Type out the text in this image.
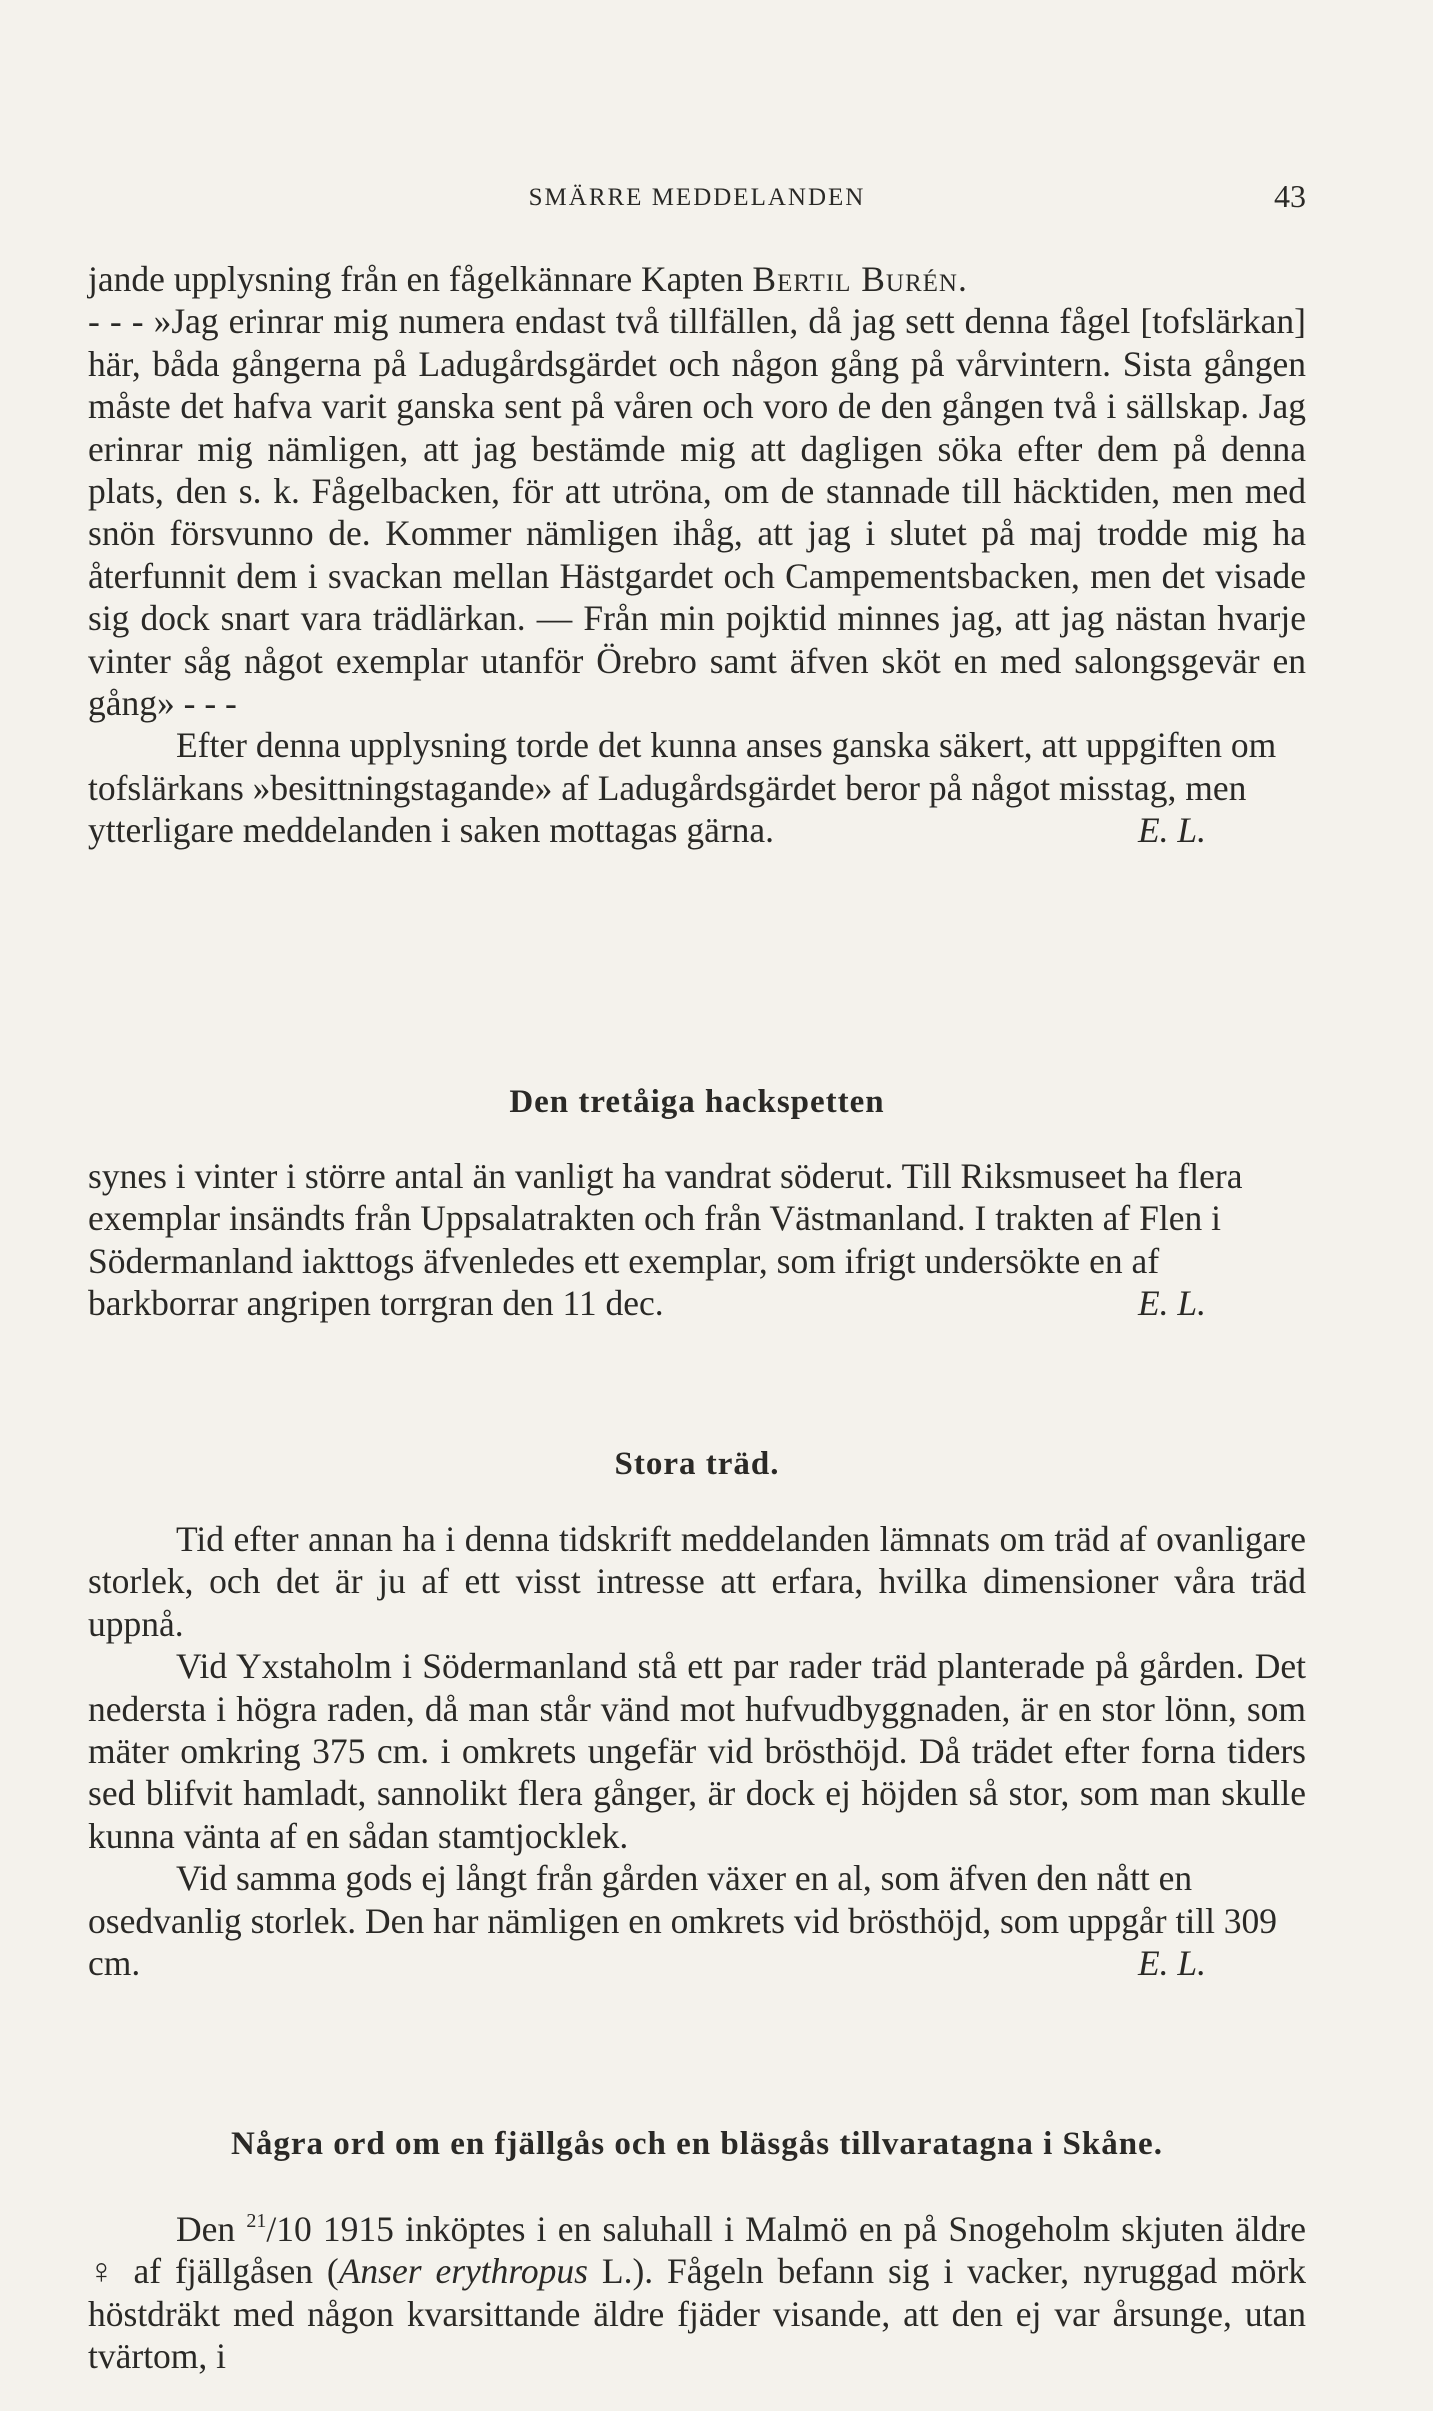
SMÄRRE MEDDELANDEN	43

jande upplysning från en fågelkännare Kapten Bertil Burén.

- - - »Jag erinrar mig numera endast två tillfällen, då jag sett denna fågel [tofslärkan] här, båda gångerna på Ladugårdsgärdet och någon gång på vårvintern. Sista gången måste det hafva varit ganska sent på våren och voro de den gången två i sällskap. Jag erinrar mig nämligen, att jag bestämde mig att dagligen söka efter dem på denna plats, den s. k. Fågelbacken, för att utröna, om de stannade till häcktiden, men med snön försvunno de. Kommer nämligen ihåg, att jag i slutet på maj trodde mig ha återfunnit dem i svackan mellan Hästgardet och Campementsbacken, men det visade sig dock snart vara trädlärkan. — Från min pojktid minnes jag, att jag nästan hvarje vinter såg något exemplar utanför Örebro samt äfven sköt en med salongsgevär en gång» - - -

Efter denna upplysning torde det kunna anses ganska säkert, att uppgiften om tofslärkans »besittningstagande» af Ladugårdsgärdet beror på något misstag, men ytterligare meddelanden i saken mottagas gärna.	E. L.

Den tretåiga hackspetten

synes i vinter i större antal än vanligt ha vandrat söderut. Till Riksmuseet ha flera exemplar insändts från Uppsalatrakten och från Västmanland. I trakten af Flen i Södermanland iakttogs äfvenledes ett exemplar, som ifrigt undersökte en af barkborrar angripen torrgran den 11 dec.	E. L.

Stora träd.

Tid efter annan ha i denna tidskrift meddelanden lämnats om träd af ovanligare storlek, och det är ju af ett visst intresse att erfara, hvilka dimensioner våra träd uppnå.

Vid Yxstaholm i Södermanland stå ett par rader träd planterade på gården. Det nedersta i högra raden, då man står vänd mot hufvudbyggnaden, är en stor lönn, som mäter omkring 375 cm. i omkrets ungefär vid brösthöjd. Då trädet efter forna tiders sed blifvit hamladt, sannolikt flera gånger, är dock ej höjden så stor, som man skulle kunna vänta af en sådan stamtjocklek.

Vid samma gods ej långt från gården växer en al, som äfven den nått en osedvanlig storlek. Den har nämligen en omkrets vid brösthöjd, som uppgår till 309 cm.	E. L.

Några ord om en fjällgås och en bläsgås tillvaratagna i Skåne.

Den $^{21}$/10 1915 inköptes i en saluhall i Malmö en på Snogeholm skjuten äldre ♀ af fjällgåsen (Anser erythropus L.). Fågeln befann sig i vacker, nyruggad mörk höstdräkt med någon kvarsittande äldre fjäder visande, att den ej var årsunge, utan tvärtom, i
